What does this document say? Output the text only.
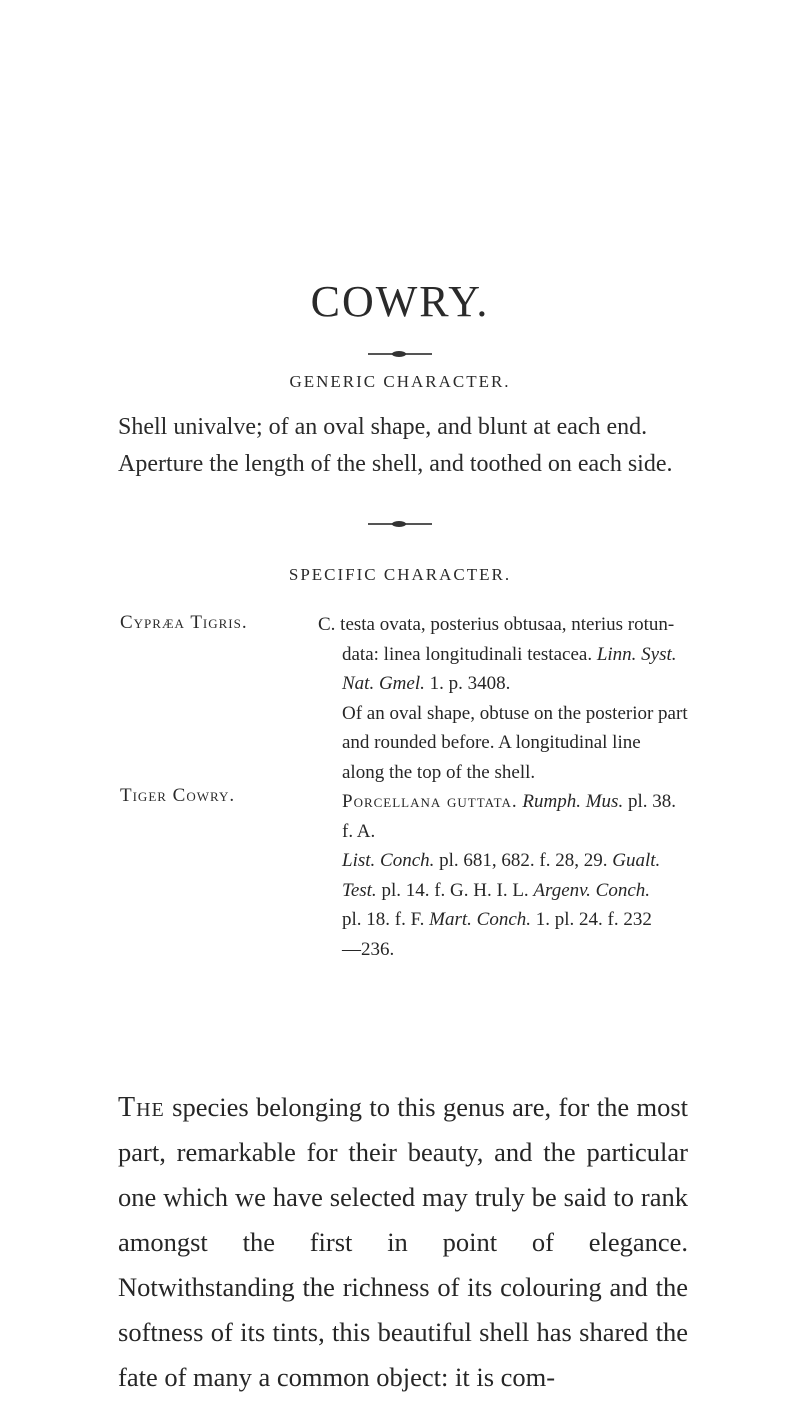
COWRY.
GENERIC CHARACTER.

Shell univalve; of an oval shape, and blunt at each end.

Aperture the length of the shell, and toothed on each side.

SPECIFIC CHARACTER.
Cypræa Tigris.
Tiger Cowry.

C. testa ovata, posterius obtusaa, nterius rotun-

data: linea longitudinali testacea. Linn. Syst. Nat. Gmel. 1. p. 3408.

Of an oval shape, obtuse on the posterior part

and rounded before. A longitudinal line

along the top of the shell.

Porcellana guttata. Rumph. Mus. pl. 38.

f. A.

List. Conch. pl. 681, 682. f. 28, 29. Gualt.

Test. pl. 14. f. G. H. I. L. Argenv. Conch.

pl. 18. f. F. Mart. Conch. 1. pl. 24. f. 232

—236.

The species belonging to this genus are, for the most part, remarkable for their beauty, and the particular one which we have selected may truly be said to rank amongst the first in point of elegance. Notwithstanding the richness of its colouring and the softness of its tints, this beautiful shell has shared the fate of many a common object: it is com-
